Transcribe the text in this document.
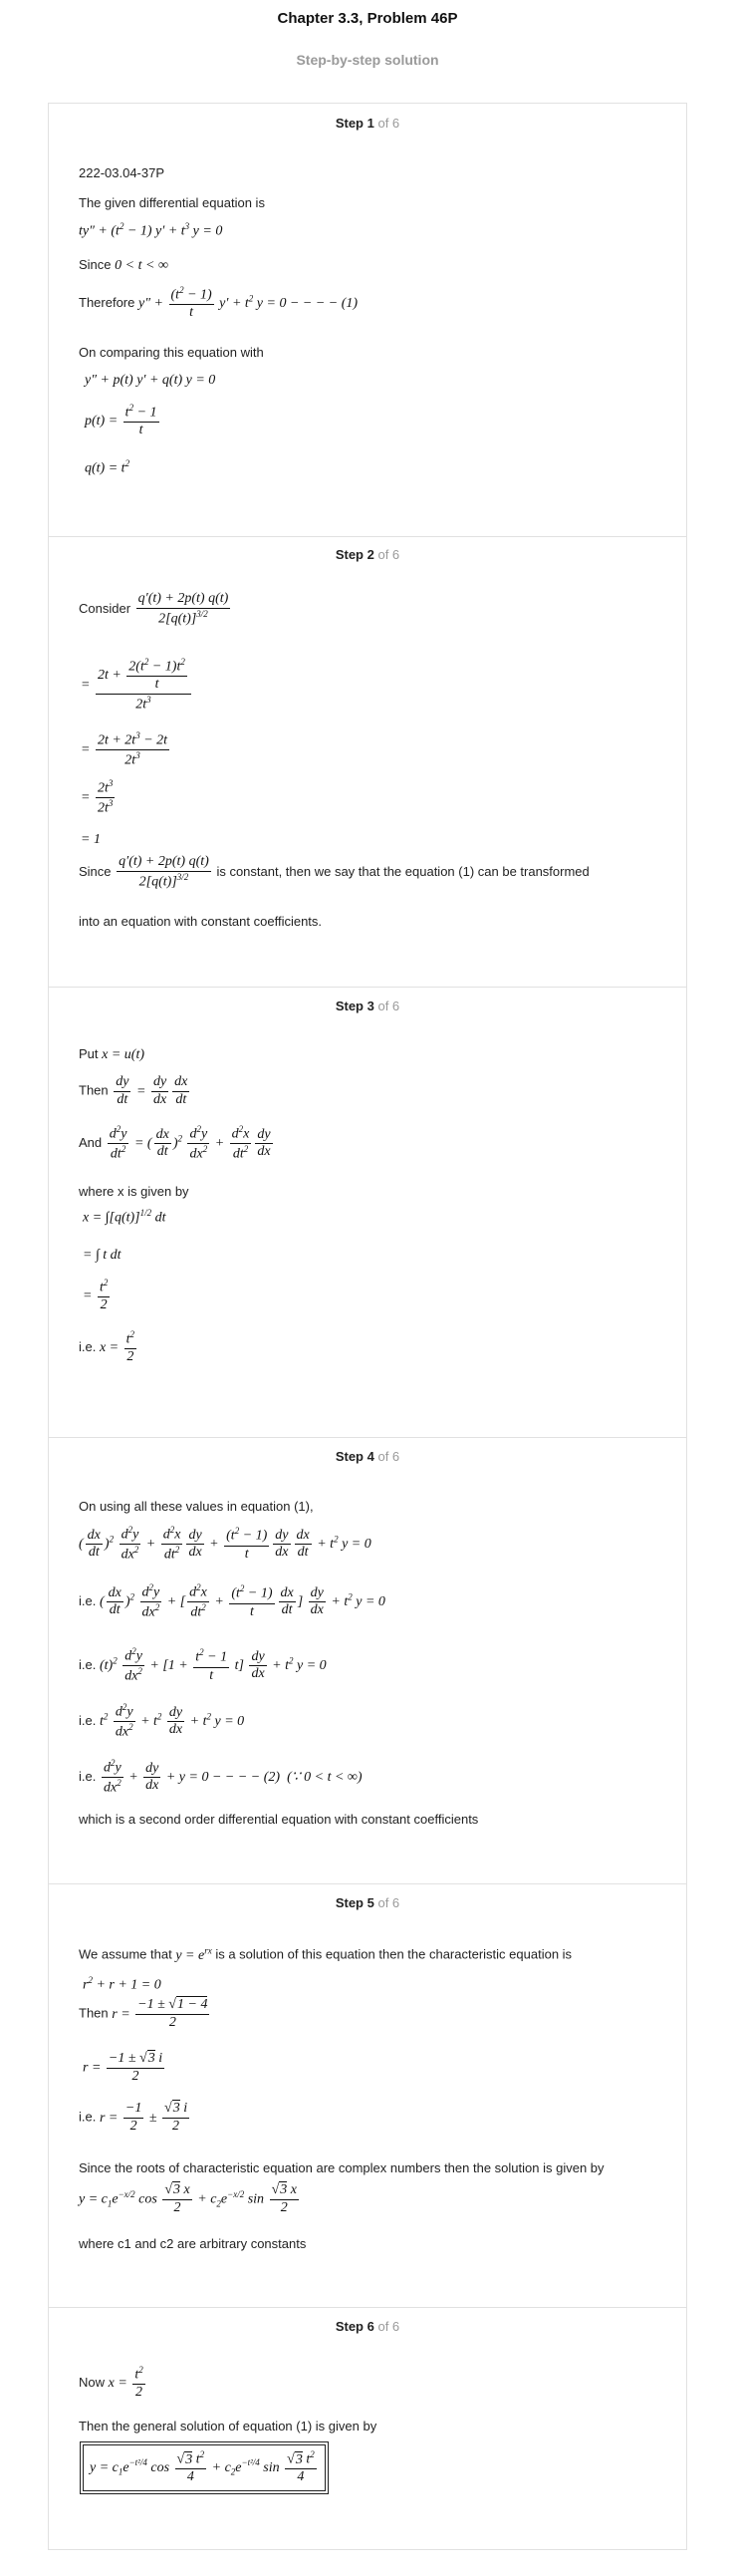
Chapter 3.3, Problem 46P
Step-by-step solution
Step 1 of 6
222-03.04-37P
The given differential equation is
$ty'' + (t^2 - 1) y' + t^3$ y = 0
Since 0 < t < ∞
Therefore $y'' + \frac{(t^2 - 1)}{t} y' + t^2$ y = 0 − − − − (1)
On comparing this equation with
y″ + p(t) y′ + q(t) y = 0
$p(t) = \frac{t^2 - 1}{t}$
$q(t) = t^2$
Step 2 of 6
Consider $\frac{q'(t) + 2p(t) q(t)}{2[q(t)]^{3/2}}$
= $\frac{2t + \frac{2(t^2 - 1)t^2}{t}}{2t^3}$
= $\frac{2t + 2t^3 - 2t}{2t^3}$
= $\frac{2t^3}{2t^3}$
= 1
Since $\frac{q'(t) + 2p(t) q(t)}{2[q(t)]^{3/2}}$ is constant, then we say that the equation (1) can be transformed
into an equation with constant coefficients.
Step 3 of 6
Put x = u(t)
Then $\frac{dy}{dt} = \frac{dy}{dx} \frac{dx}{dt}$
And $\frac{d^2y}{dt^2}$ = ( $\frac{dx}{dt} )^2 \frac{d^2y}{dx^2} + \frac{d^2x}{dt^2} \frac{dy}{dx}$
where x is given by
$x = \int[q(t)]^{1/2}$ dt
= ∫ t dt
= $\frac{t^2}{2}$
i.e. $x = \frac{t^2}{2}$
Step 4 of 6
On using all these values in equation (1),
( $\frac{dx}{dt} )^2 \frac{d^2y}{dx^2} + \frac{d^2x}{dt^2} \frac{dy}{dx} + \frac{(t^2 - 1)}{t} \frac{dy}{dx} \frac{dx}{dt} + t^2$ y = 0
i.e. ( $\frac{dx}{dt} )^2 \frac{d^2y}{dx^2}$ + [ $\frac{d^2x}{dt^2} + \frac{(t^2 - 1)}{t} \frac{dx}{dt}$ ] $\frac{dy}{dx} + t^2$ y = 0
i.e. $(t)^2 \frac{d^2y}{dx^2} + [1 + \frac{t^2 - 1}{t} t] \frac{dy}{dx} + t^2$ y = 0
i.e. $t^2 \frac{d^2y}{dx^2} + t^2 \frac{dy}{dx} + t^2$ y = 0
i.e. $\frac{d^2y}{dx^2} + \frac{dy}{dx} + y = 0$ − − − − (2)  (∵ 0 < t < ∞)
which is a second order differential equation with constant coefficients
Step 5 of 6
We assume that $y = e^{rx}$ is a solution of this equation then the characteristic equation is
$r^2 + r + 1 = 0$
Then $r = \frac{-1 \pm √1 - 4}{2}$
$r = \frac{-1 \pm √3 i}{2}$
i.e. $r = \frac{-1}{2} \pm \frac{√3 i}{2}$
Since the roots of characteristic equation are complex numbers then the solution is given by
$y = c_1e^{-x/2}$ $\cos \frac{√3 x}{2} + c_2e^{-x/2}$ $\sin \frac{√3 x}{2}$
where c1 and c2 are arbitrary constants
Step 6 of 6
Now $x = \frac{t^2}{2}$
Then the general solution of equation (1) is given by
$y = c_1e^{-t^2/4}$ $\cos \frac{√3 t^2}{4} + c_2e^{-t^2/4}$ $\sin \frac{√3 t^2}{4}$
